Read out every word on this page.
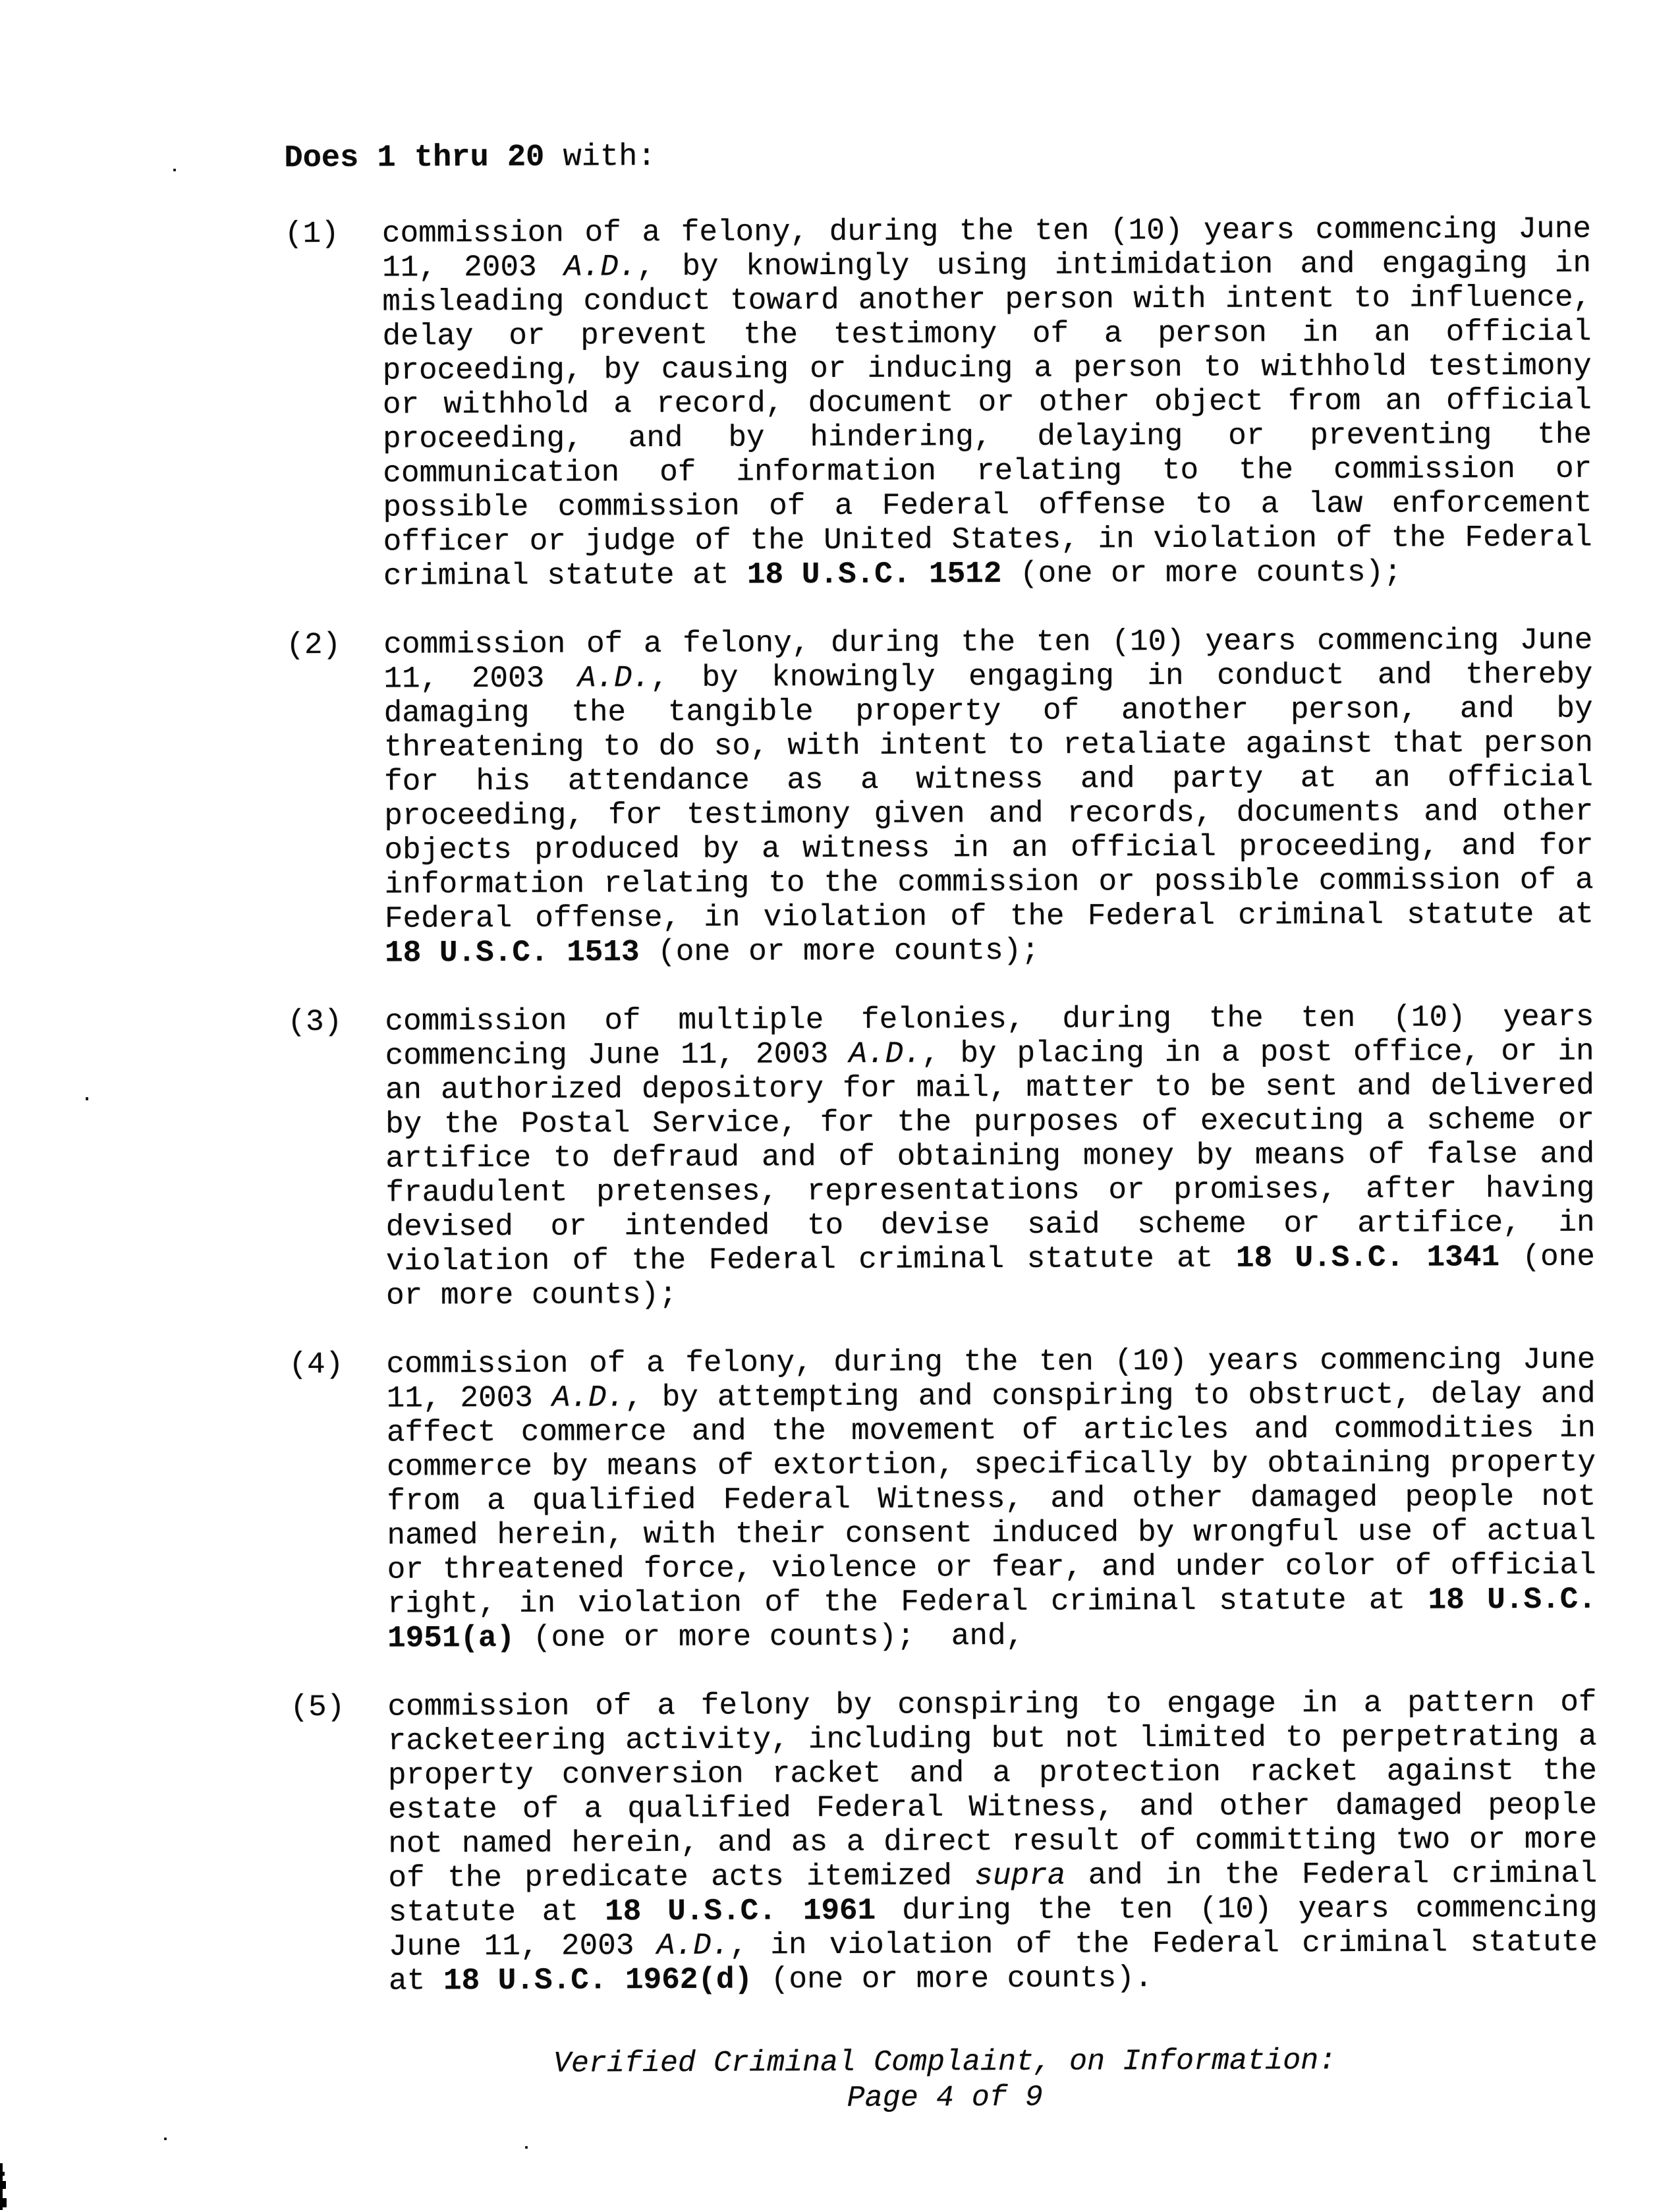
Does 1 thru 20 with:
(1)	commission of a felony, during the ten (10) years commencing June 11, 2003 A.D., by knowingly using intimidation and engaging in misleading conduct toward another person with intent to influence, delay or prevent the testimony of a person in an official proceeding, by causing or inducing a person to withhold testimony or withhold a record, document or other object from an official proceeding, and by hindering, delaying or preventing the communication of information relating to the commission or possible commission of a Federal offense to a law enforcement officer or judge of the United States, in violation of the Federal criminal statute at 18 U.S.C. 1512 (one or more counts);
(2)	commission of a felony, during the ten (10) years commencing June 11, 2003 A.D., by knowingly engaging in conduct and thereby damaging the tangible property of another person, and by threatening to do so, with intent to retaliate against that person for his attendance as a witness and party at an official proceeding, for testimony given and records, documents and other objects produced by a witness in an official proceeding, and for information relating to the commission or possible commission of a Federal offense, in violation of the Federal criminal statute at 18 U.S.C. 1513 (one or more counts);
(3)	commission of multiple felonies, during the ten (10) years commencing June 11, 2003 A.D., by placing in a post office, or in an authorized depository for mail, matter to be sent and delivered by the Postal Service, for the purposes of executing a scheme or artifice to defraud and of obtaining money by means of false and fraudulent pretenses, representations or promises, after having devised or intended to devise said scheme or artifice, in violation of the Federal criminal statute at 18 U.S.C. 1341 (one or more counts);
(4)	commission of a felony, during the ten (10) years commencing June 11, 2003 A.D., by attempting and conspiring to obstruct, delay and affect commerce and the movement of articles and commodities in commerce by means of extortion, specifically by obtaining property from a qualified Federal Witness, and other damaged people not named herein, with their consent induced by wrongful use of actual or threatened force, violence or fear, and under color of official right, in violation of the Federal criminal statute at 18 U.S.C. 1951(a) (one or more counts);  and,
(5)	commission of a felony by conspiring to engage in a pattern of racketeering activity, including but not limited to perpetrating a property conversion racket and a protection racket against the estate of a qualified Federal Witness, and other damaged people not named herein, and as a direct result of committing two or more of the predicate acts itemized supra and in the Federal criminal statute at 18 U.S.C. 1961 during the ten (10) years commencing June 11, 2003 A.D., in violation of the Federal criminal statute at 18 U.S.C. 1962(d) (one or more counts).
Verified Criminal Complaint, on Information:
Page 4 of 9
